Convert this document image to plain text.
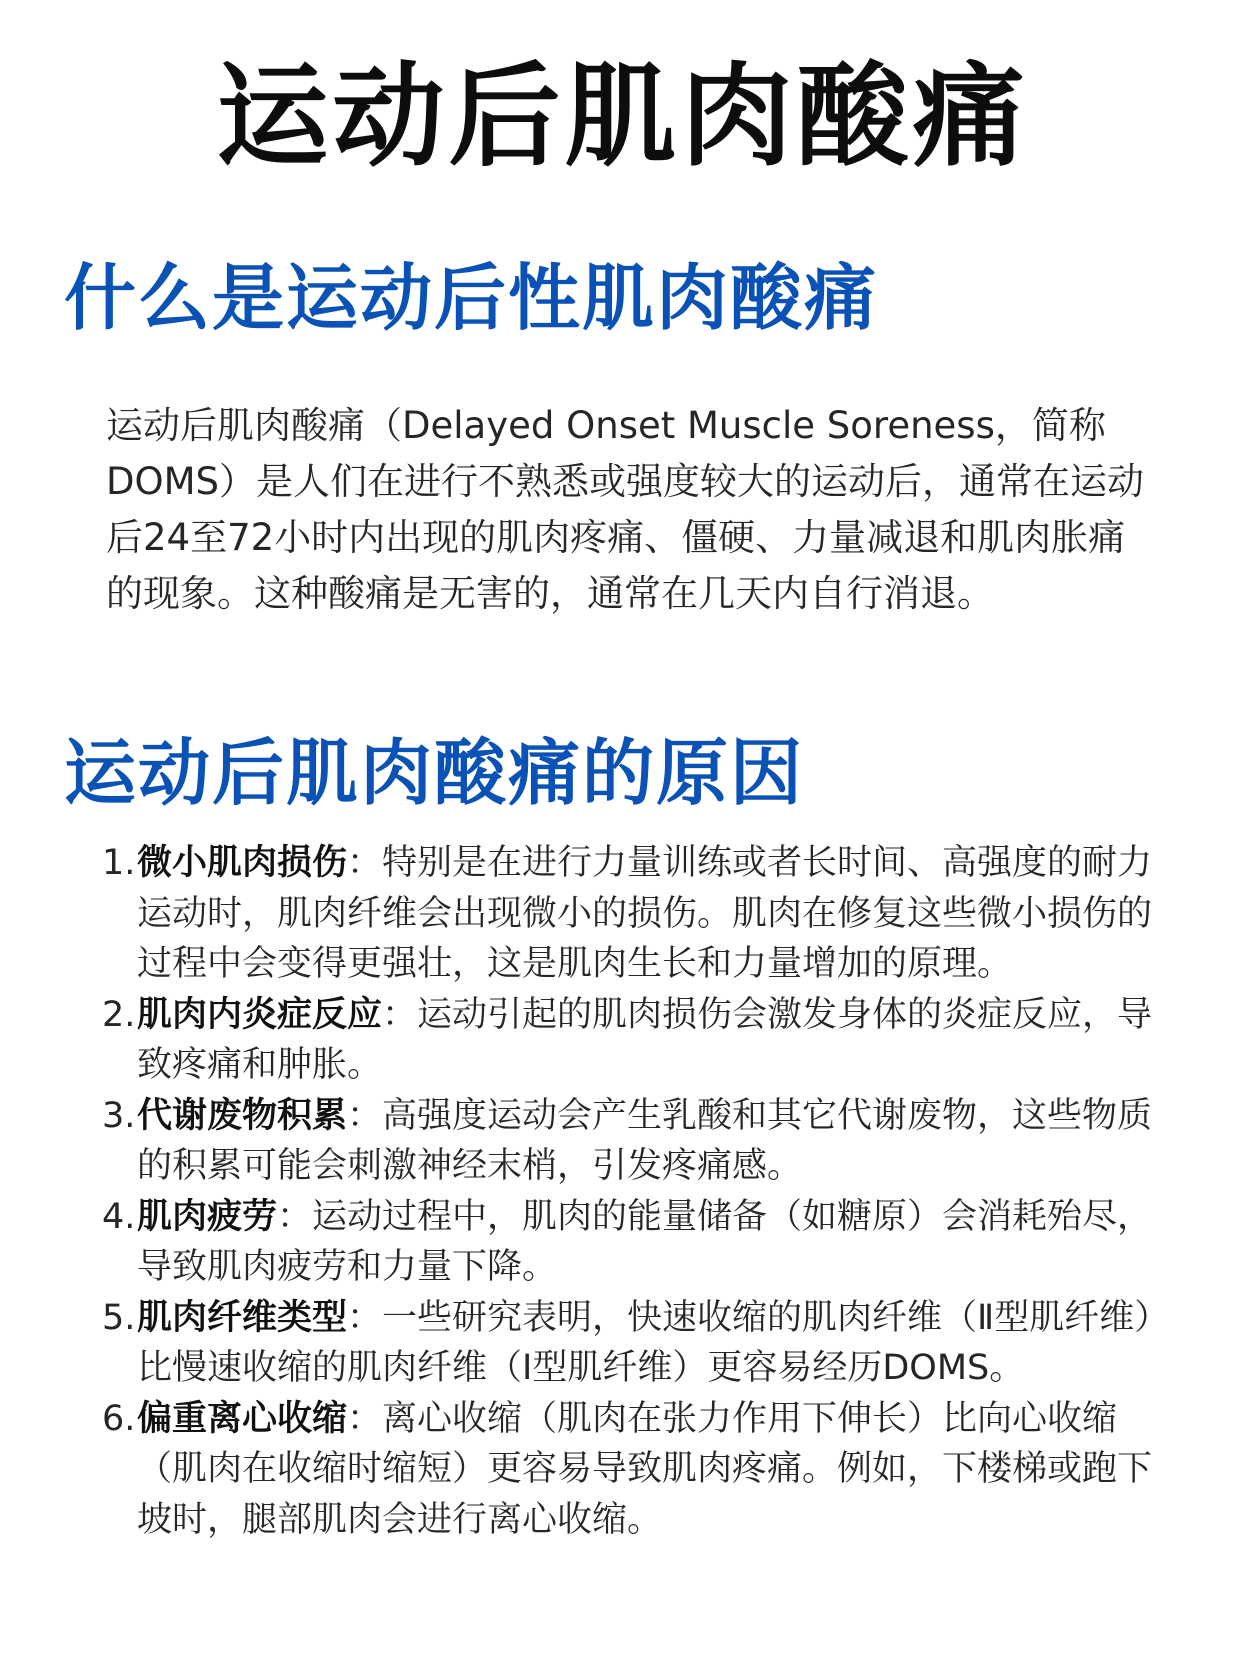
运动后肌肉酸痛
什么是运动后性肌肉酸痛

运动后肌肉酸痛（Delayed Onset Muscle Soreness，简称DOMS）是人们在进行不熟悉或强度较大的运动后，通常在运动后24至72小时内出现的肌肉疼痛、僵硬、力量减退和肌肉胀痛的现象。这种酸痛是无害的，通常在几天内自行消退。

运动后肌肉酸痛的原因
1. 微小肌肉损伤：特别是在进行力量训练或者长时间、高强度的耐力运动时，肌肉纤维会出现微小的损伤。肌肉在修复这些微小损伤的过程中会变得更强壮，这是肌肉生长和力量增加的原理。
2. 肌肉内炎症反应：运动引起的肌肉损伤会激发身体的炎症反应，导致疼痛和肿胀。
3. 代谢废物积累：高强度运动会产生乳酸和其它代谢废物，这些物质的积累可能会刺激神经末梢，引发疼痛感。
4. 肌肉疲劳：运动过程中，肌肉的能量储备（如糖原）会消耗殆尽，导致肌肉疲劳和力量下降。
5. 肌肉纤维类型：一些研究表明，快速收缩的肌肉纤维（Ⅱ型肌纤维）比慢速收缩的肌肉纤维（Ⅰ型肌纤维）更容易经历DOMS。
6. 偏重离心收缩：离心收缩（肌肉在张力作用下伸长）比向心收缩（肌肉在收缩时缩短）更容易导致肌肉疼痛。例如，下楼梯或跑下坡时，腿部肌肉会进行离心收缩。
